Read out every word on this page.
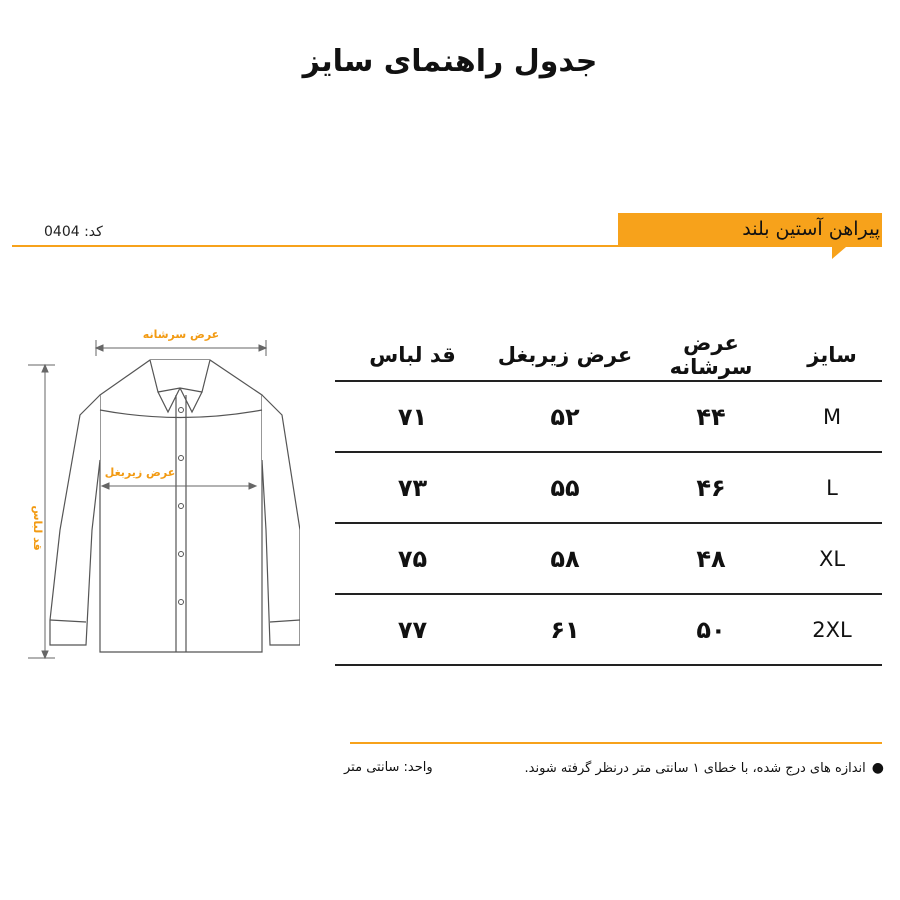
جدول راهنمای سایز
پیراهن آستین بلند
کد: 0404
عرض سرشانه
عرض زیربغل
قد لباس
سایز	عرض سرشانه	عرض زیربغل	قد لباس
M	۴۴	۵۲	۷۱
L	۴۶	۵۵	۷۳
XL	۴۸	۵۸	۷۵
2XL	۵۰	۶۱	۷۷
●اندازه های درج شده، با خطای ۱ سانتی متر درنظر گرفته شوند.
واحد: سانتی متر
